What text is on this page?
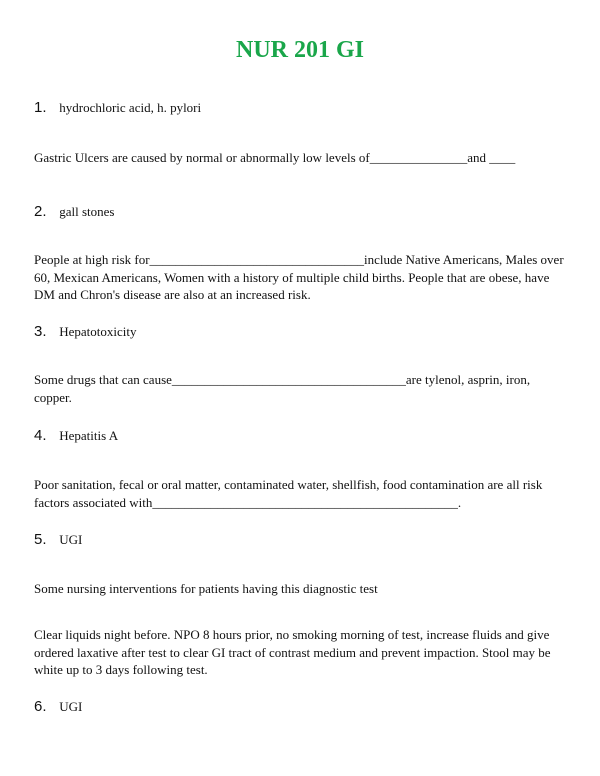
NUR 201 GI
1. hydrochloric acid, h. pylori
Gastric Ulcers are caused by normal or abnormally low levels of_______________and ____
2. gall stones
People at high risk for_________________________________include Native Americans, Males over 60, Mexican Americans, Women with a history of multiple child births. People that are obese, have DM and Chron's disease are also at an increased risk.
3. Hepatotoxicity
Some drugs that can cause____________________________________are tylenol, asprin, iron, copper.
4. Hepatitis A
Poor sanitation, fecal or oral matter, contaminated water, shellfish, food contamination are all risk factors associated with_______________________________________________.
5. UGI
Some nursing interventions for patients having this diagnostic test
Clear liquids night before. NPO 8 hours prior, no smoking morning of test, increase fluids and give ordered laxative after test to clear GI tract of contrast medium and prevent impaction. Stool may be white up to 3 days following test.
6. UGI
